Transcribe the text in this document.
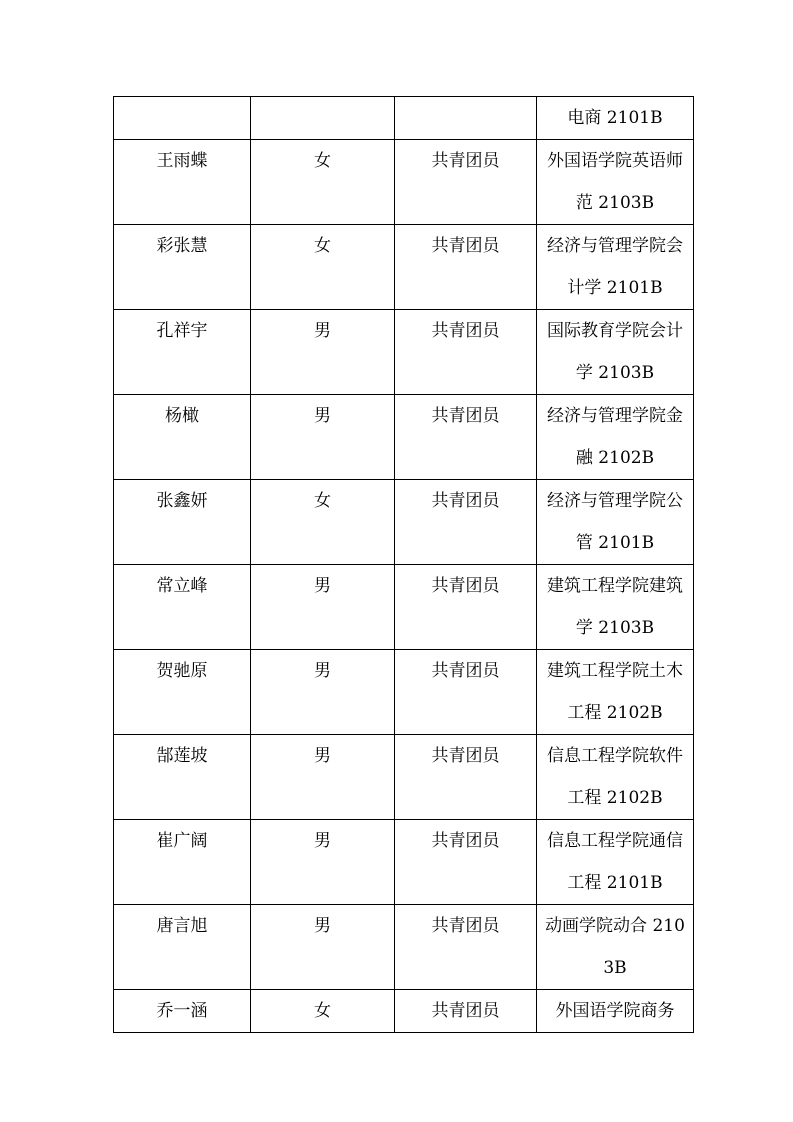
			电商 2101B
王雨蝶	女	共青团员	外国语学院英语师范 2103B
彩张慧	女	共青团员	经济与管理学院会计学 2101B
孔祥宇	男	共青团员	国际教育学院会计学 2103B
杨橄	男	共青团员	经济与管理学院金融 2102B
张鑫妍	女	共青团员	经济与管理学院公管 2101B
常立峰	男	共青团员	建筑工程学院建筑学 2103B
贺驰原	男	共青团员	建筑工程学院土木工程 2102B
郜莲坡	男	共青团员	信息工程学院软件工程 2102B
崔广阔	男	共青团员	信息工程学院通信工程 2101B
唐言旭	男	共青团员	动画学院动合 2103B
乔一涵	女	共青团员	外国语学院商务
